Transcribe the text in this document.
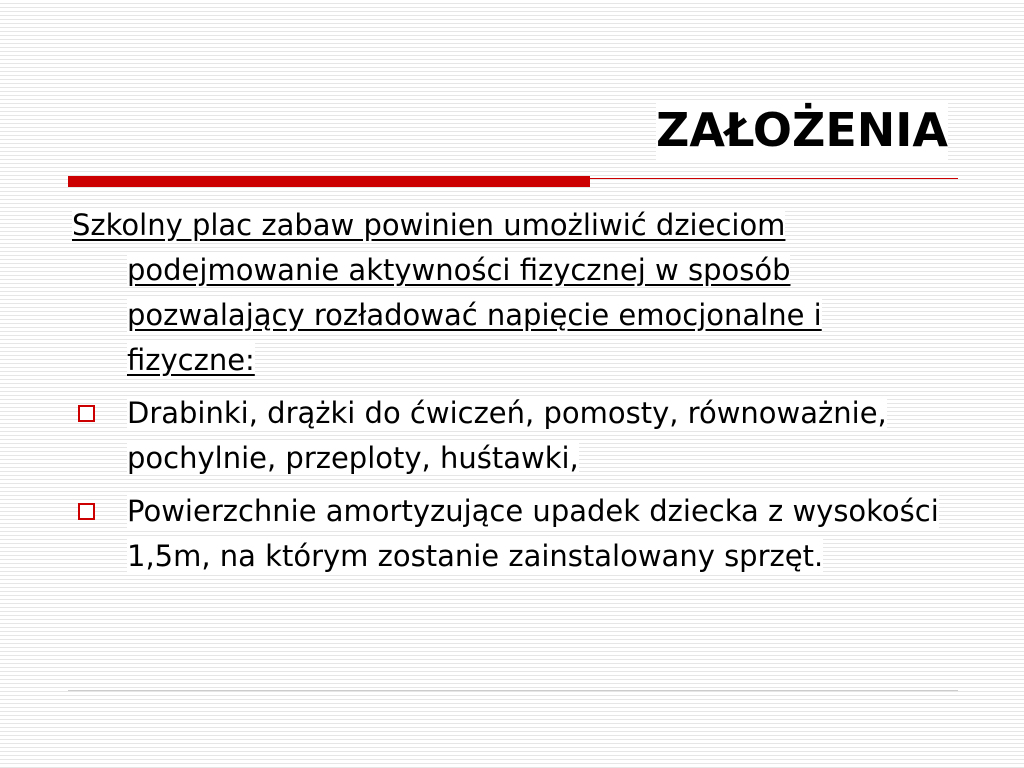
ZAŁOŻENIA

Szkolny plac zabaw powinien umożliwić dzieciom podejmowanie aktywności fizycznej w sposób pozwalający rozładować napięcie emocjonalne i fizyczne:

Drabinki, drążki do ćwiczeń, pomosty, równoważnie, pochylnie, przeploty, huśtawki,
Powierzchnie amortyzujące upadek dziecka z wysokości 1,5m, na którym zostanie zainstalowany sprzęt.
